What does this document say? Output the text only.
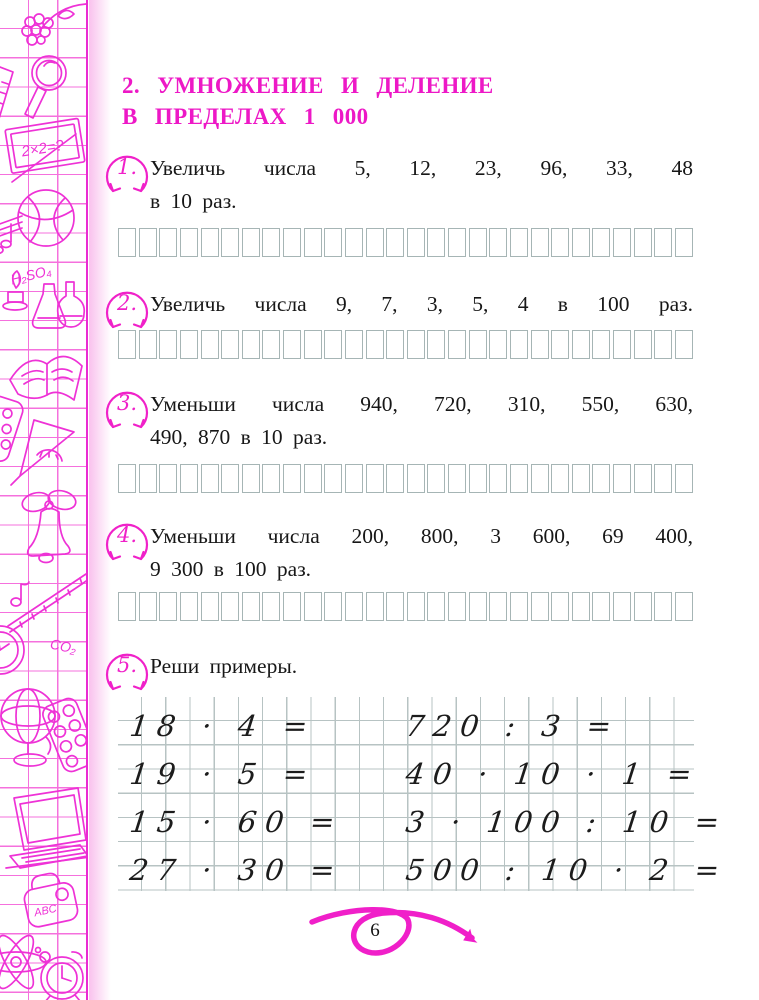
2×2=?
H₂SO₄
CO₂
ABC
2. УМНОЖЕНИЕ И ДЕЛЕНИЕ
В ПРЕДЕЛАХ 1 000
1. Увеличь числа 5, 12, 23, 96, 33, 48
в 10 раз.
2. Увеличь числа 9, 7, 3, 5, 4 в 100 раз.
3. Уменьши числа 940, 720, 310, 550, 630,
490, 870 в 10 раз.
4. Уменьши числа 200, 800, 3 600, 69 400,
9 300 в 100 раз.
5. Реши примеры.
18 · 4 =
19 · 5 =
15 · 60 =
27 · 30 =
720 : 3 =
40 · 10 · 1 =
3 · 100 : 10 =
500 : 10 · 2 =
6
